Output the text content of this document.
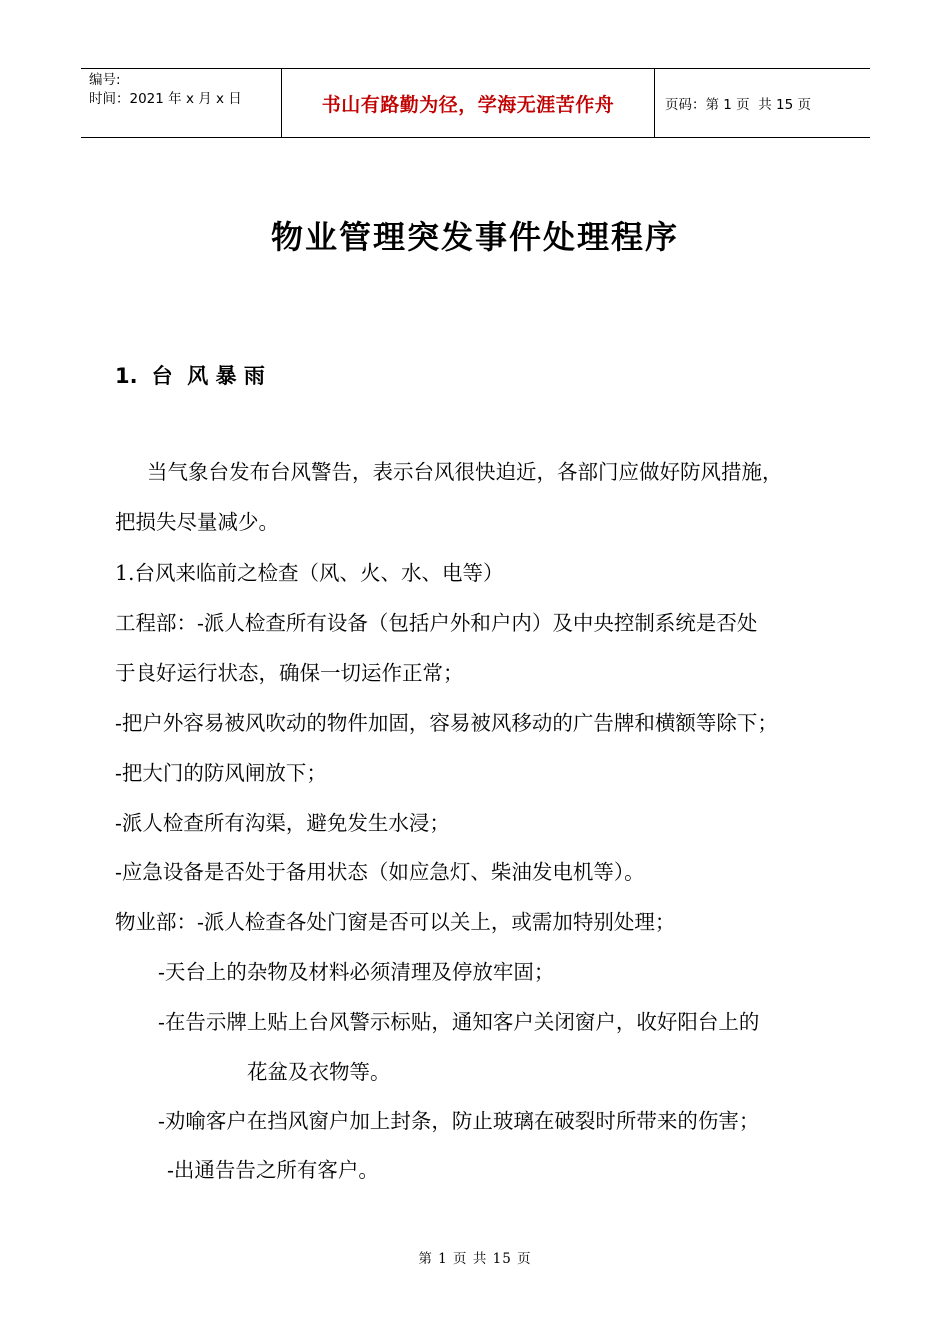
编号:
时间：2021 年 x 月 x 日	书山有路勤为径，学海无涯苦作舟	页码：第 1 页  共 15 页
物业管理突发事件处理程序
1. 台  风 暴 雨
当气象台发布台风警告，表示台风很快迫近，各部门应做好防风措施，
把损失尽量减少。
1.台风来临前之检查（风、火、水、电等）
工程部：-派人检查所有设备（包括户外和户内）及中央控制系统是否处
于良好运行状态，确保一切运作正常；
-把户外容易被风吹动的物件加固，容易被风移动的广告牌和横额等除下；
-把大门的防风闸放下；
-派人检查所有沟渠，避免发生水浸；
-应急设备是否处于备用状态（如应急灯、柴油发电机等）。
物业部：-派人检查各处门窗是否可以关上，或需加特别处理；
-天台上的杂物及材料必须清理及停放牢固；
-在告示牌上贴上台风警示标贴，通知客户关闭窗户，收好阳台上的
花盆及衣物等。
-劝喻客户在挡风窗户加上封条，防止玻璃在破裂时所带来的伤害；
-出通告告之所有客户。
第 1 页 共 15 页
